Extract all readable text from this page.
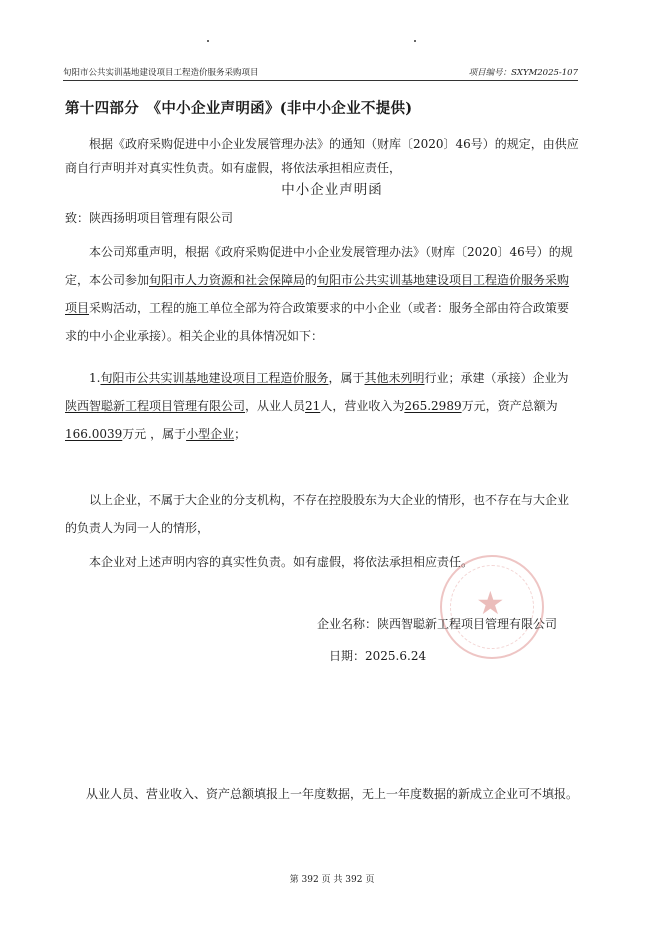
旬阳市公共实训基地建设项目工程造价服务采购项目	项目编号：SXYM2025-107
第十四部分　《中小企业声明函》(非中小企业不提供)

根据《政府采购促进中小企业发展管理办法》的通知（财库〔2020〕46号）的规定，由供应商自行声明并对真实性负责。如有虚假，将依法承担相应责任，

中小企业声明函

致：陕西扬明项目管理有限公司

本公司郑重声明，根据《政府采购促进中小企业发展管理办法》（财库〔2020〕46号）的规定，本公司参加旬阳市人力资源和社会保障局的旬阳市公共实训基地建设项目工程造价服务采购项目采购活动，工程的施工单位全部为符合政策要求的中小企业（或者：服务全部由符合政策要求的中小企业承接）。相关企业的具体情况如下：

1.旬阳市公共实训基地建设项目工程造价服务，属于其他未列明行业；承建（承接）企业为陕西智聪新工程项目管理有限公司，从业人员21人，营业收入为265.2989万元，资产总额为166.0039万元 ，属于小型企业；

以上企业，不属于大企业的分支机构，不存在控股股东为大企业的情形，也不存在与大企业的负责人为同一人的情形，

本企业对上述声明内容的真实性负责。如有虚假，将依法承担相应责任。

★
企业名称：陕西智聪新工程项目管理有限公司
日期：2025.6.24
从业人员、营业收入、资产总额填报上一年度数据，无上一年度数据的新成立企业可不填报。
第 392 页 共 392 页
